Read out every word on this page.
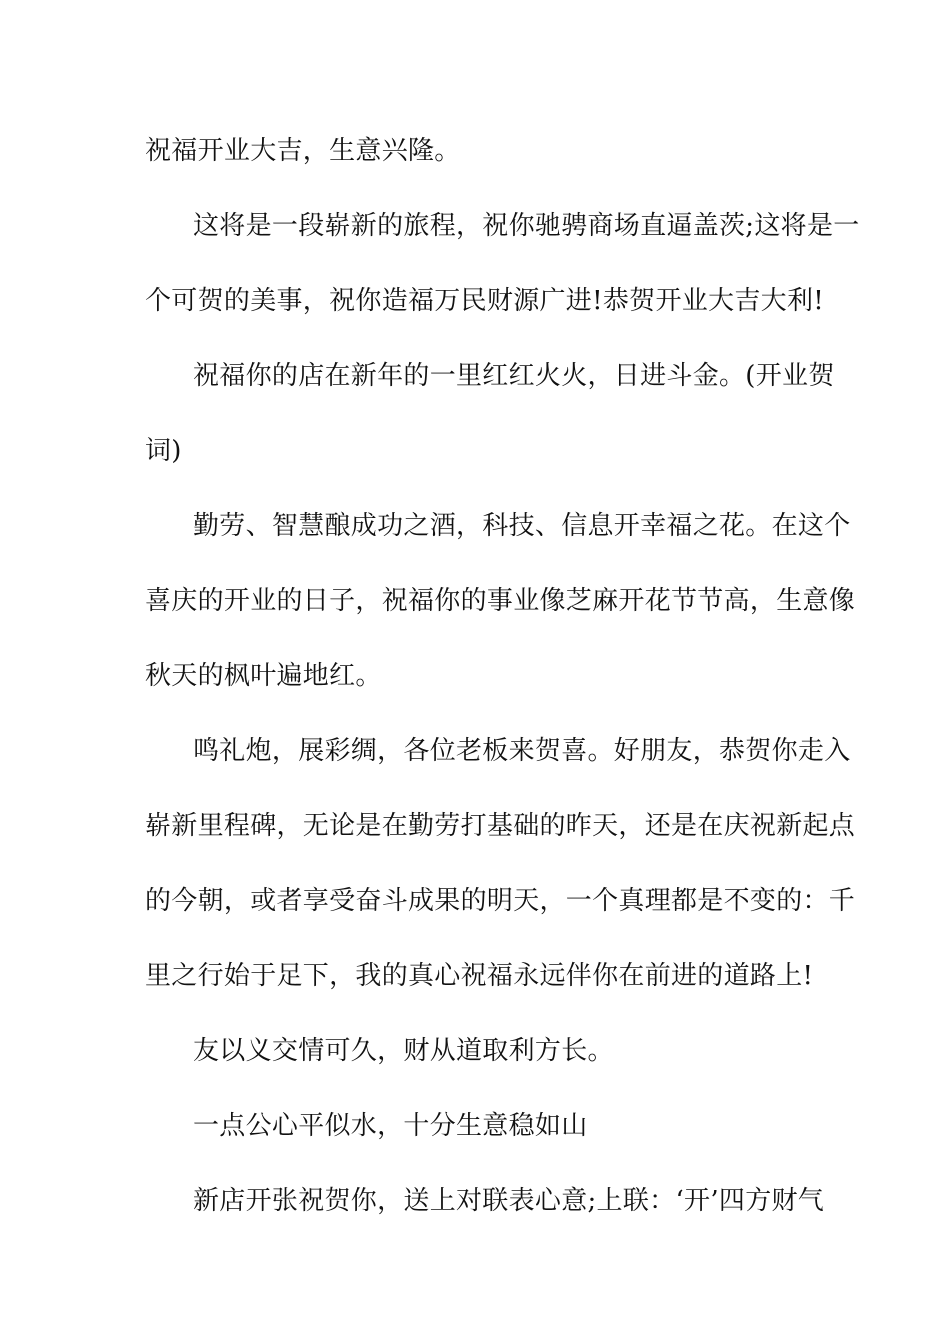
祝福开业大吉，生意兴隆。
这将是一段崭新的旅程，祝你驰骋商场直逼盖茨;这将是一
个可贺的美事，祝你造福万民财源广进!恭贺开业大吉大利!
祝福你的店在新年的一里红红火火，日进斗金。(开业贺
词)
勤劳、智慧酿成功之酒，科技、信息开幸福之花。在这个
喜庆的开业的日子，祝福你的事业像芝麻开花节节高，生意像
秋天的枫叶遍地红。
鸣礼炮，展彩绸，各位老板来贺喜。好朋友，恭贺你走入
崭新里程碑，无论是在勤劳打基础的昨天，还是在庆祝新起点
的今朝，或者享受奋斗成果的明天，一个真理都是不变的：千
里之行始于足下，我的真心祝福永远伴你在前进的道路上!
友以义交情可久，财从道取利方长。
一点公心平似水，十分生意稳如山
新店开张祝贺你，送上对联表心意;上联：‘开’四方财气
